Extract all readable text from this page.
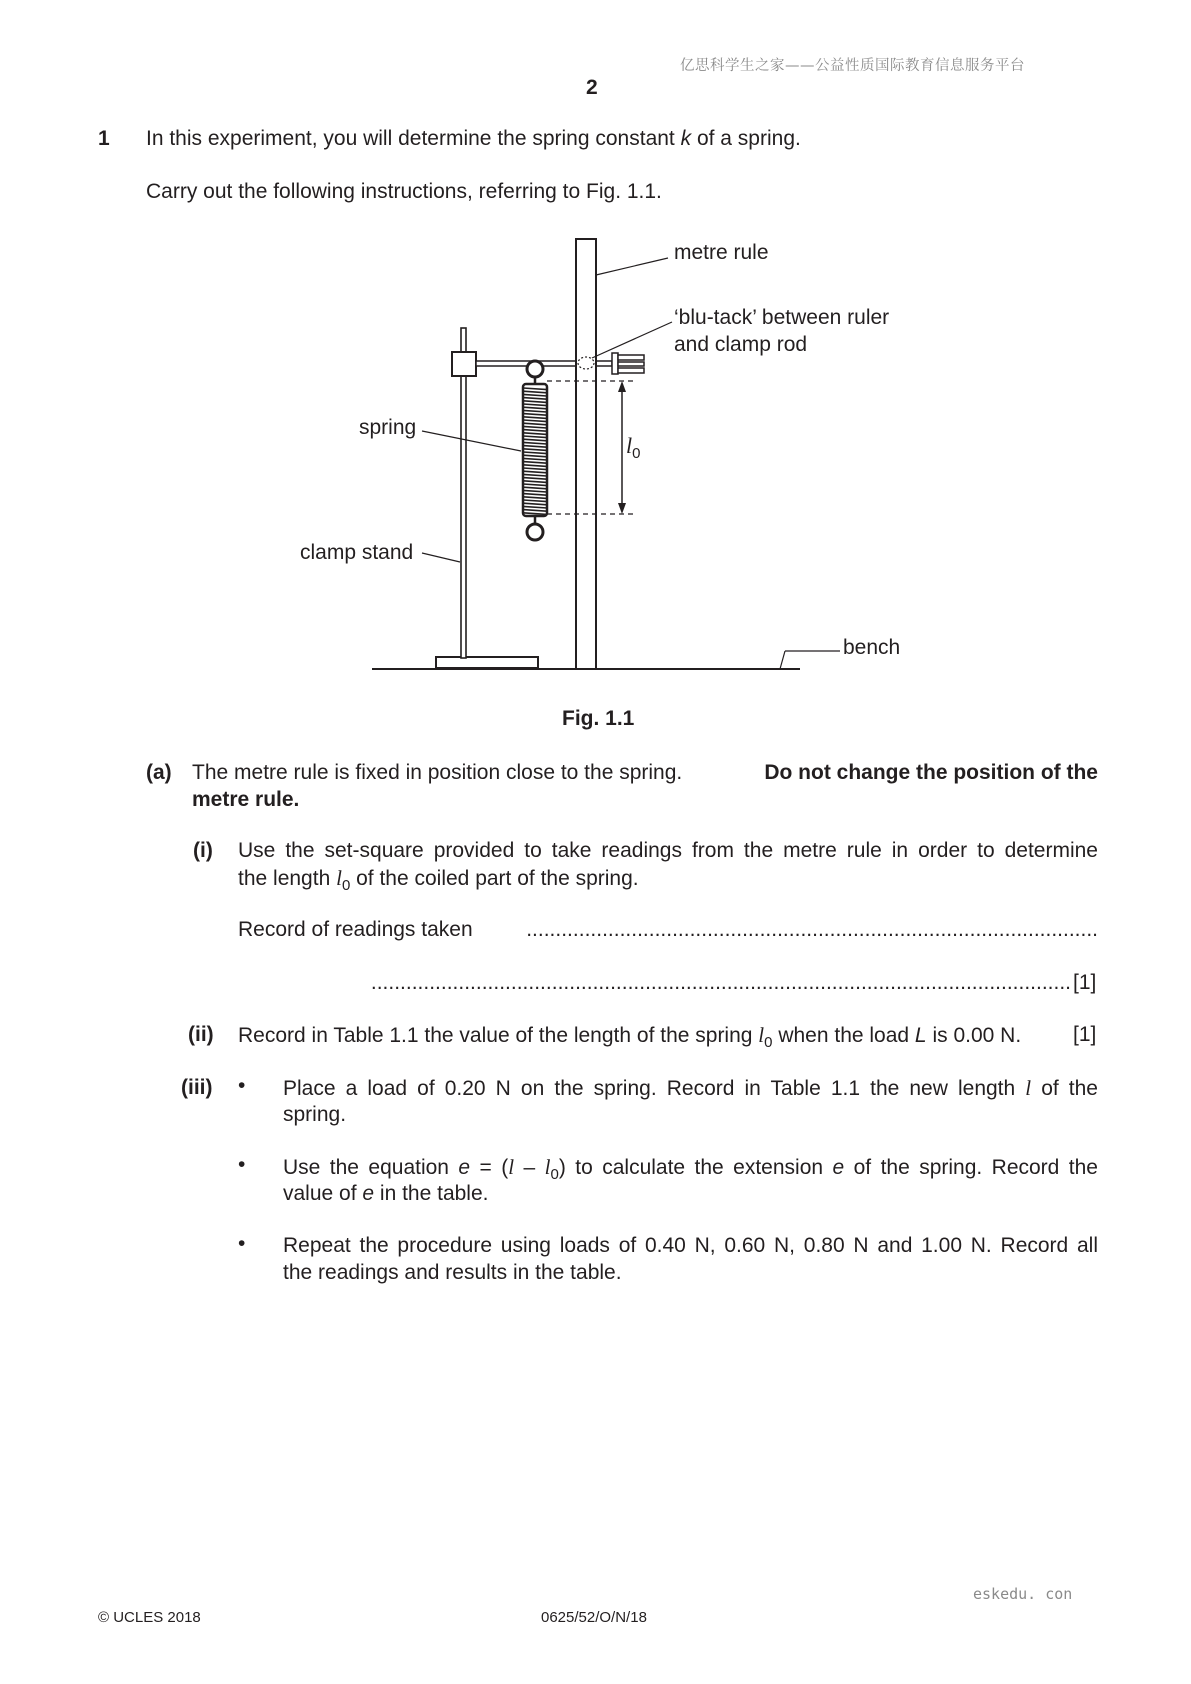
亿思科学生之家——公益性质国际教育信息服务平台
2
1 In this experiment, you will determine the spring constant k of a spring.
Carry out the following instructions, referring to Fig. 1.1.
metre rule
‘blu-tack’ between ruler
and clamp rod
spring
clamp stand
bench
$l_0$
Fig. 1.1
(a) The metre rule is fixed in position close to the spring.	Do not change the position of the
metre rule.
(i) Use the set-square provided to take readings from the metre rule in order to determine
the length $l_0$ of the coiled part of the spring.
Record of readings taken	..................................................................................................
........................................................................................................................ [1]
(ii) Record in Table 1.1 the value of the length of the spring $l_0$ when the load L is 0.00 N. [1]
(iii) • Place a load of 0.20 N on the spring. Record in Table 1.1 the new length l of the
spring.
• Use the equation $e = (l - l_0)$ to calculate the extension e of the spring. Record the
value of e in the table.
• Repeat the procedure using loads of 0.40 N, 0.60 N, 0.80 N and 1.00 N. Record all
the readings and results in the table.
eskedu. con
© UCLES 2018	0625/52/O/N/18
